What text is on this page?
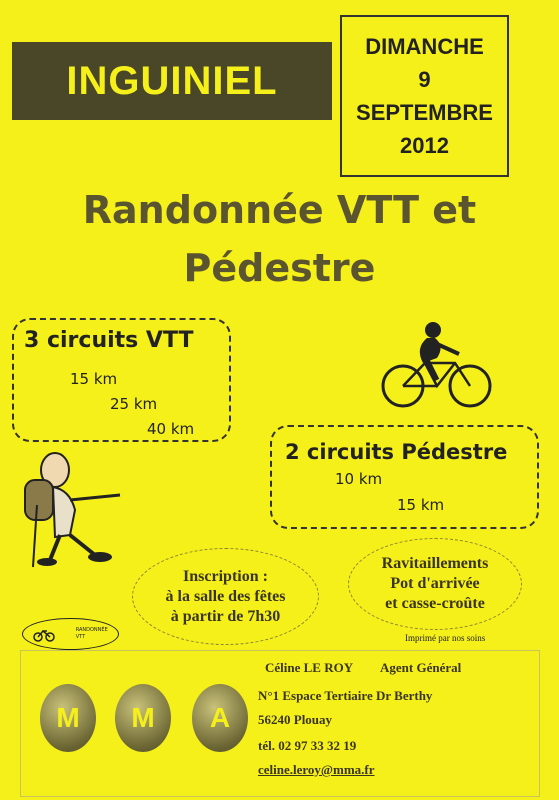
INGUINIEL
DIMANCHE
9
SEPTEMBRE
2012
Randonnée VTT et
Pédestre
3 circuits VTT
15 km
25 km
40 km
2 circuits Pédestre
10 km
15 km
Inscription :
à la salle des fêtes
à partir de 7h30
Ravitaillements
Pot d'arrivée
et casse-croûte
RANDONNÉE
VTT	Imprimé par nos soins
M	M	A
Céline LE ROY Agent Général
N°1 Espace Tertiaire Dr Berthy
56240 Plouay
tél. 02 97 33 32 19
celine.leroy@mma.fr
